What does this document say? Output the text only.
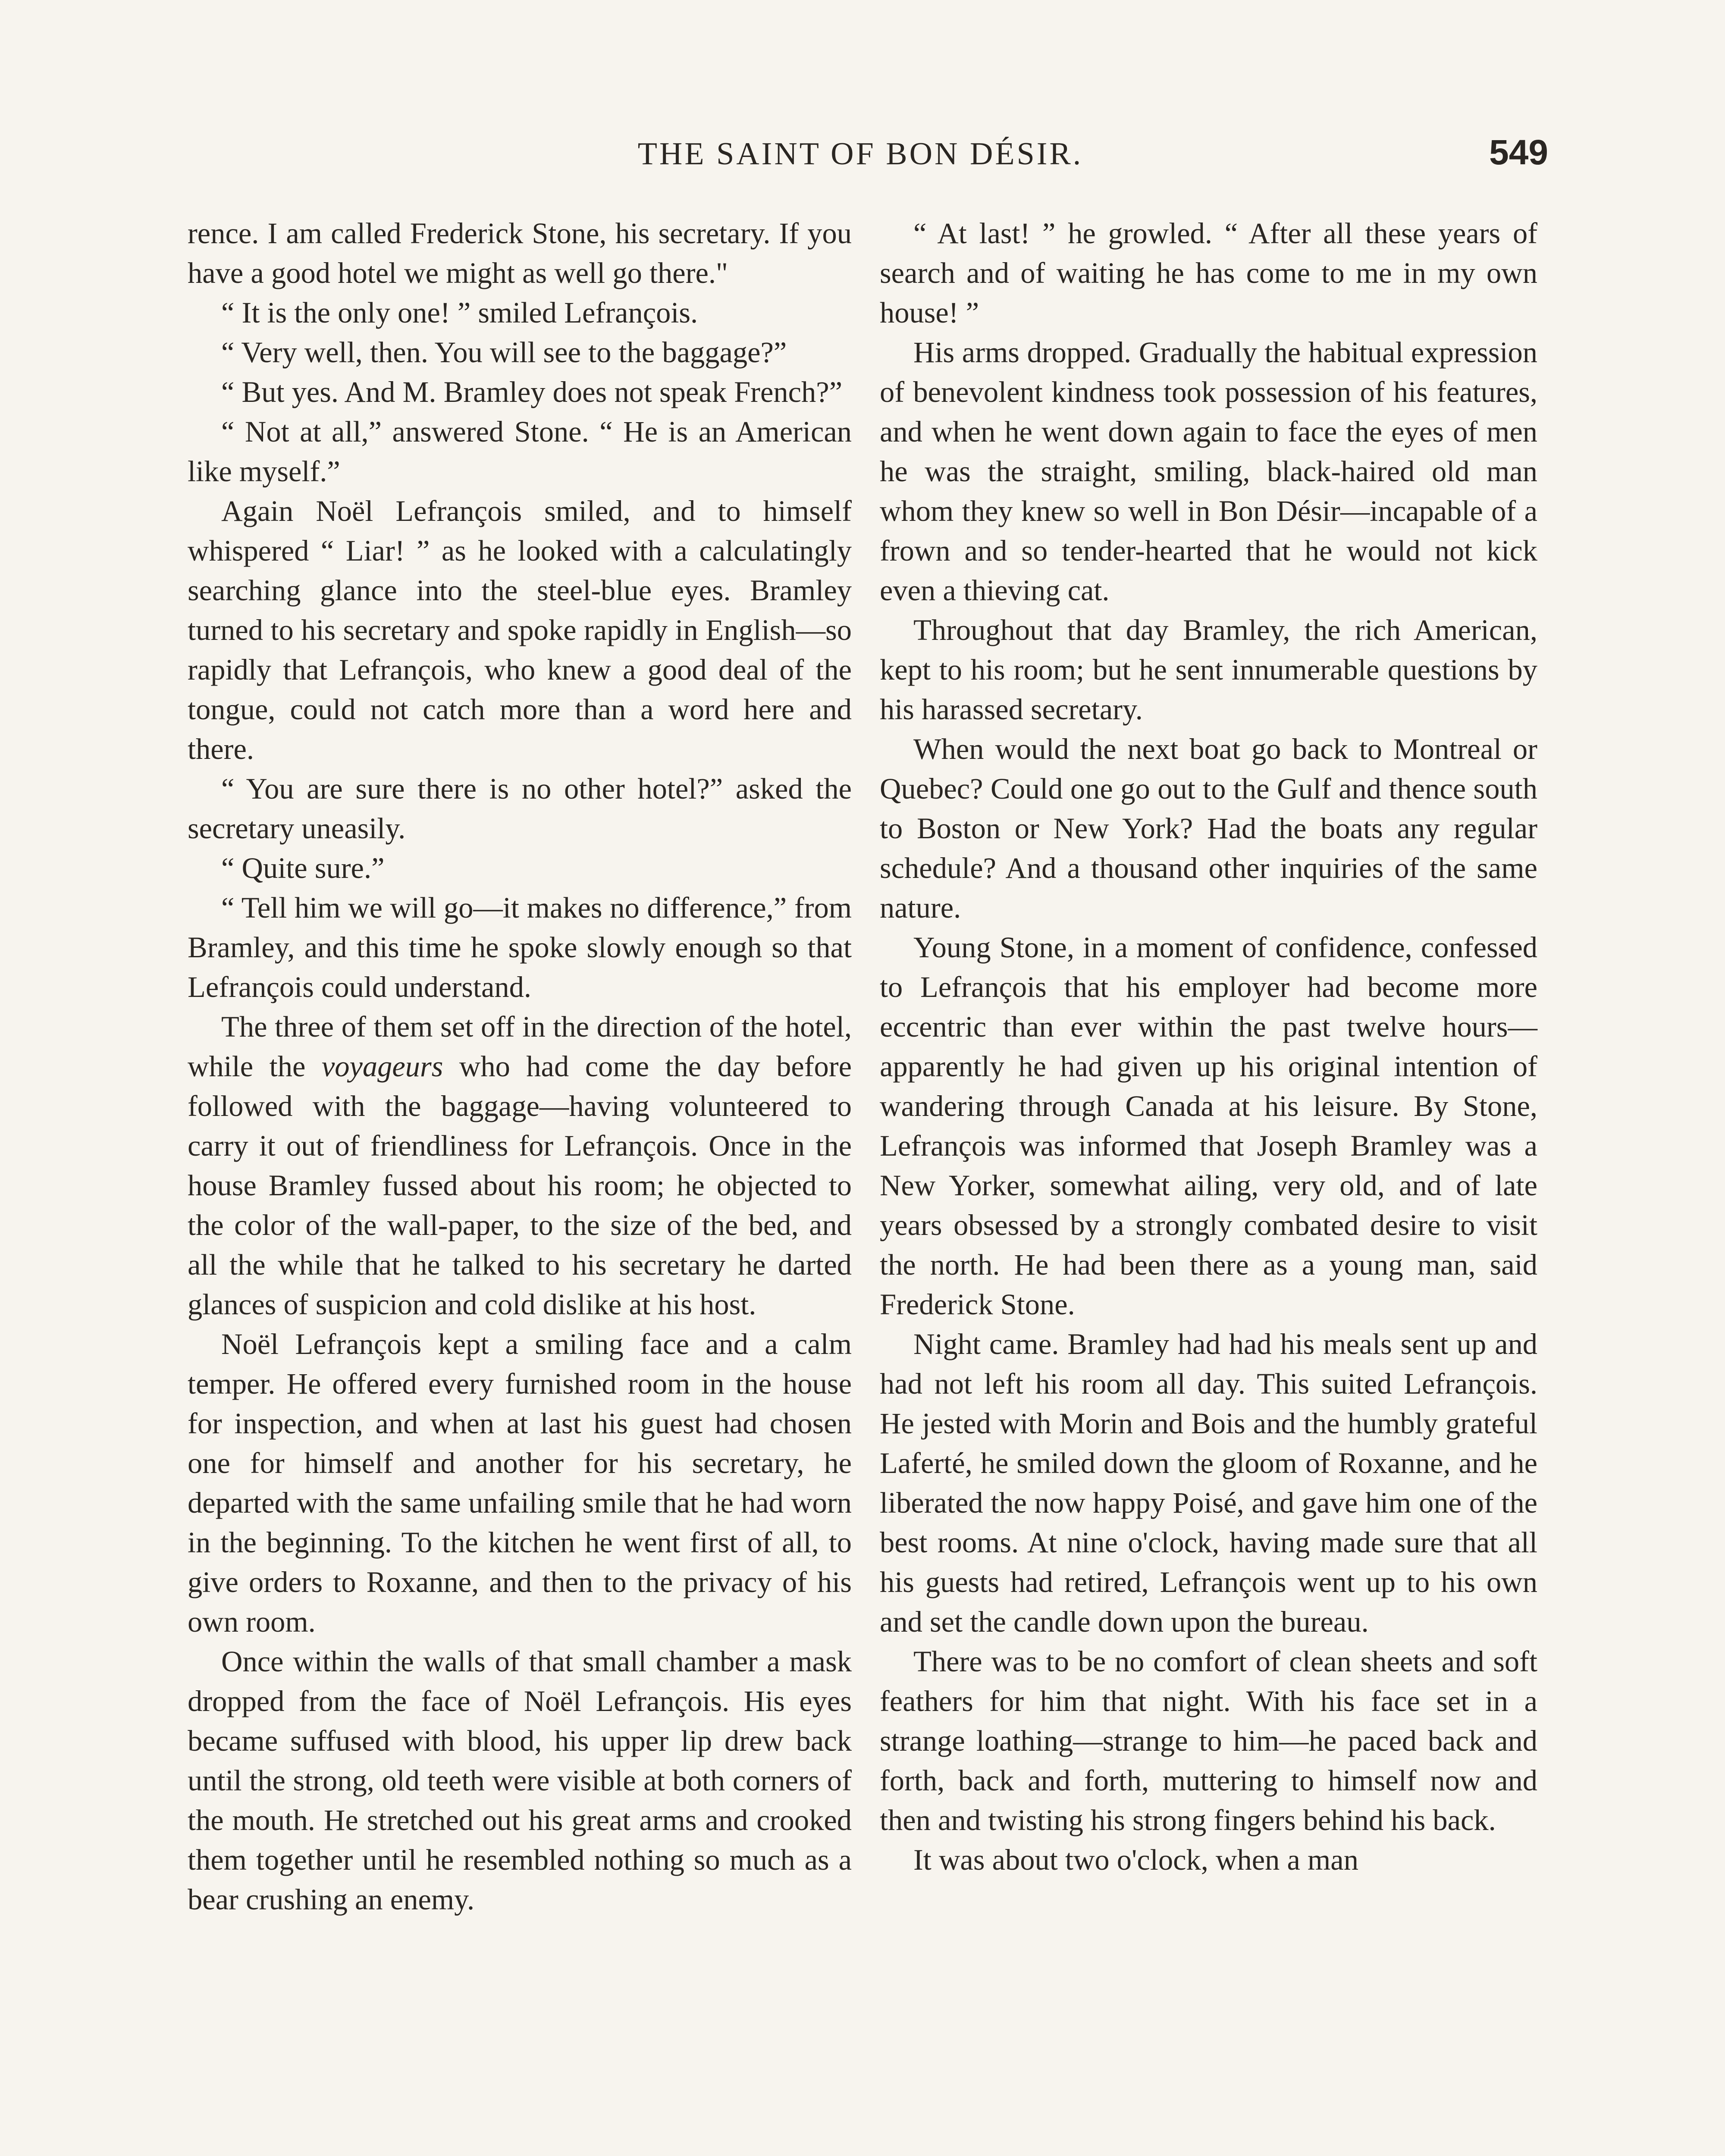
THE SAINT OF BON DÉSIR.	549

rence. I am called Frederick Stone, his secretary. If you have a good hotel we might as well go there."

“ It is the only one! ” smiled Lefrançois.

“ Very well, then. You will see to the baggage?”

“ But yes. And M. Bramley does not speak French?”

“ Not at all,” answered Stone. “ He is an American like myself.”

Again Noël Lefrançois smiled, and to himself whispered “ Liar! ” as he looked with a calculatingly searching glance into the steel-blue eyes. Bramley turned to his secretary and spoke rapidly in English—so rapidly that Lefrançois, who knew a good deal of the tongue, could not catch more than a word here and there.

“ You are sure there is no other hotel?” asked the secretary uneasily.

“ Quite sure.”

“ Tell him we will go—it makes no difference,” from Bramley, and this time he spoke slowly enough so that Lefrançois could understand.

The three of them set off in the direction of the hotel, while the voyageurs who had come the day before followed with the baggage—having volunteered to carry it out of friendliness for Lefrançois. Once in the house Bramley fussed about his room; he objected to the color of the wall-paper, to the size of the bed, and all the while that he talked to his secretary he darted glances of suspicion and cold dislike at his host.

Noël Lefrançois kept a smiling face and a calm temper. He offered every furnished room in the house for inspection, and when at last his guest had chosen one for himself and another for his secretary, he departed with the same unfailing smile that he had worn in the beginning. To the kitchen he went first of all, to give orders to Roxanne, and then to the privacy of his own room.

Once within the walls of that small chamber a mask dropped from the face of Noël Lefrançois. His eyes became suffused with blood, his upper lip drew back until the strong, old teeth were visible at both corners of the mouth. He stretched out his great arms and crooked them together until he resembled nothing so much as a bear crushing an enemy.

“ At last! ” he growled. “ After all these years of search and of waiting he has come to me in my own house! ”

His arms dropped. Gradually the habitual expression of benevolent kindness took possession of his features, and when he went down again to face the eyes of men he was the straight, smiling, black-haired old man whom they knew so well in Bon Désir—incapable of a frown and so tender-hearted that he would not kick even a thieving cat.

Throughout that day Bramley, the rich American, kept to his room; but he sent innumerable questions by his harassed secretary.

When would the next boat go back to Montreal or Quebec? Could one go out to the Gulf and thence south to Boston or New York? Had the boats any regular schedule? And a thousand other inquiries of the same nature.

Young Stone, in a moment of confidence, confessed to Lefrançois that his employer had become more eccentric than ever within the past twelve hours—apparently he had given up his original intention of wandering through Canada at his leisure. By Stone, Lefrançois was informed that Joseph Bramley was a New Yorker, somewhat ailing, very old, and of late years obsessed by a strongly combated desire to visit the north. He had been there as a young man, said Frederick Stone.

Night came. Bramley had had his meals sent up and had not left his room all day. This suited Lefrançois. He jested with Morin and Bois and the humbly grateful Laferté, he smiled down the gloom of Roxanne, and he liberated the now happy Poisé, and gave him one of the best rooms. At nine o'clock, having made sure that all his guests had retired, Lefrançois went up to his own and set the candle down upon the bureau.

There was to be no comfort of clean sheets and soft feathers for him that night. With his face set in a strange loathing—strange to him—he paced back and forth, back and forth, muttering to himself now and then and twisting his strong fingers behind his back.

It was about two o'clock, when a man
